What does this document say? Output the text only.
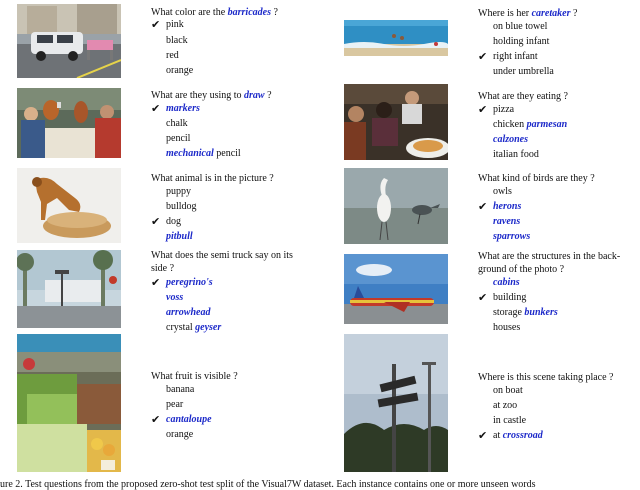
What color are the barricades ?
✔ pink
black
red
orange
What are they using to draw ?
✔ markers
chalk
pencil
mechanical pencil
What animal is in the picture ?
puppy
bulldog
✔ dog
pitbull
What does the semi truck say on its
side ?
✔ peregrino's
voss
arrowhead
crystal geyser
What fruit is visible ?
banana
pear
✔ cantaloupe
orange
Where is her caretaker ?
on blue towel
holding infant
✔ right infant
under umbrella
What are they eating ?
✔ pizza
chicken parmesan
calzones
italian food
What kind of birds are they ?
owls
✔ herons
ravens
sparrows
What are the structures in the back-
ground of the photo ?
cabins
✔ building
storage bunkers
houses
Where is this scene taking place ?
on boat
at zoo
in castle
✔ at crossroad
ure 2. Test questions from the proposed zero-shot test split of the Visual7W dataset. Each instance contains one or more unseen words
